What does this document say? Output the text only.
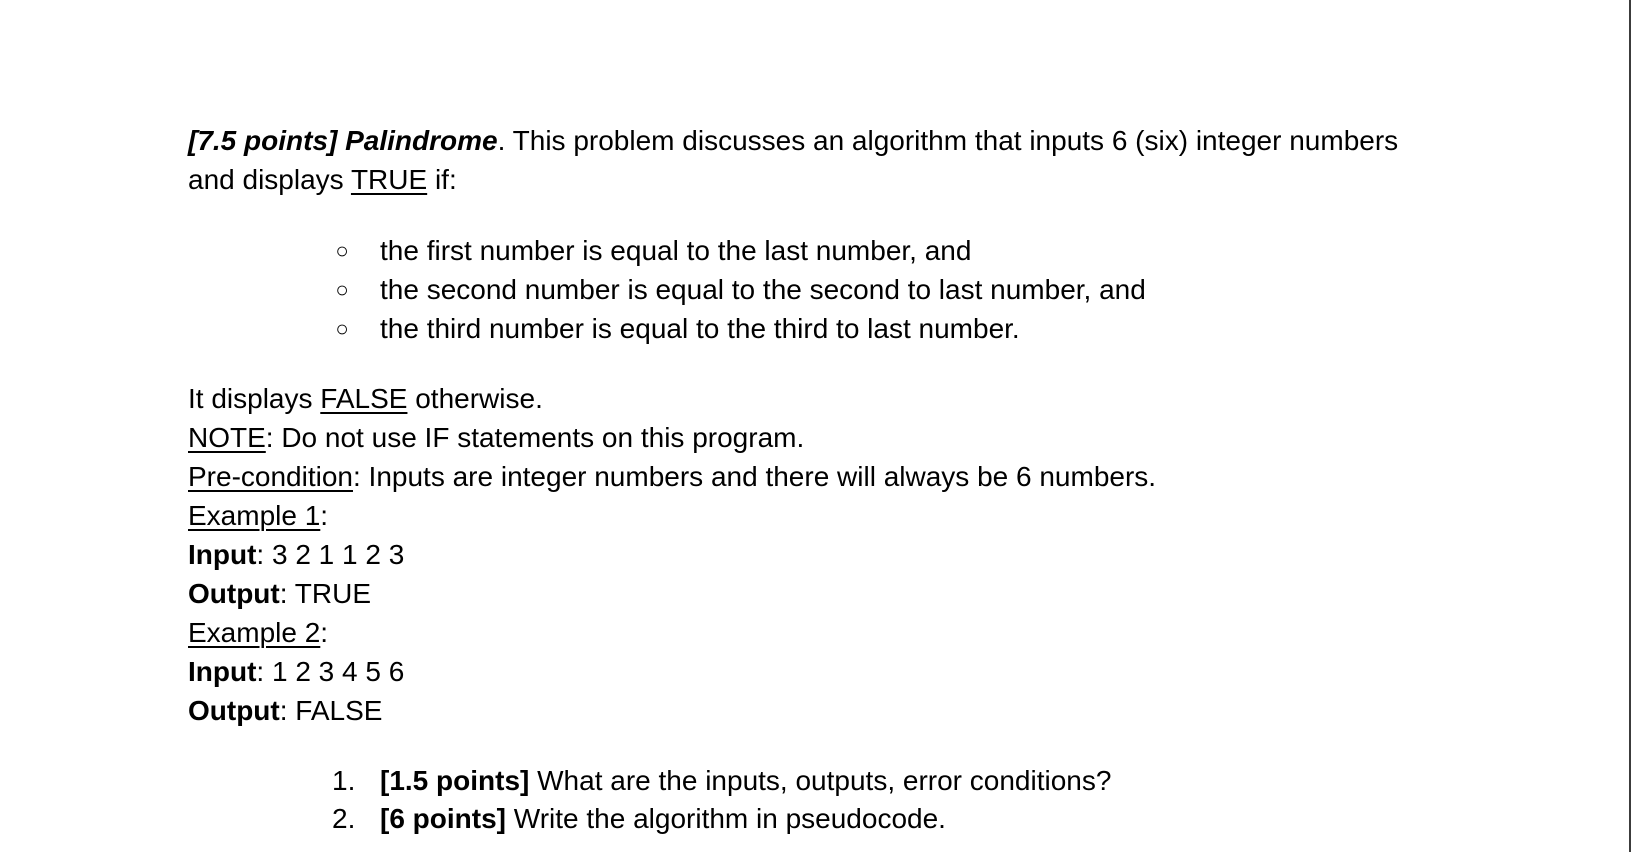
[7.5 points] Palindrome. This problem discusses an algorithm that inputs 6 (six) integer numbers and displays TRUE if:

○ the first number is equal to the last number, and
○ the second number is equal to the second to last number, and
○ the third number is equal to the third to last number.

It displays FALSE otherwise.

NOTE: Do not use IF statements on this program.

Pre-condition: Inputs are integer numbers and there will always be 6 numbers.

Example 1:

Input: 3 2 1 1 2 3

Output: TRUE

Example 2:

Input: 1 2 3 4 5 6

Output: FALSE

1. [1.5 points] What are the inputs, outputs, error conditions?
2. [6 points] Write the algorithm in pseudocode.
